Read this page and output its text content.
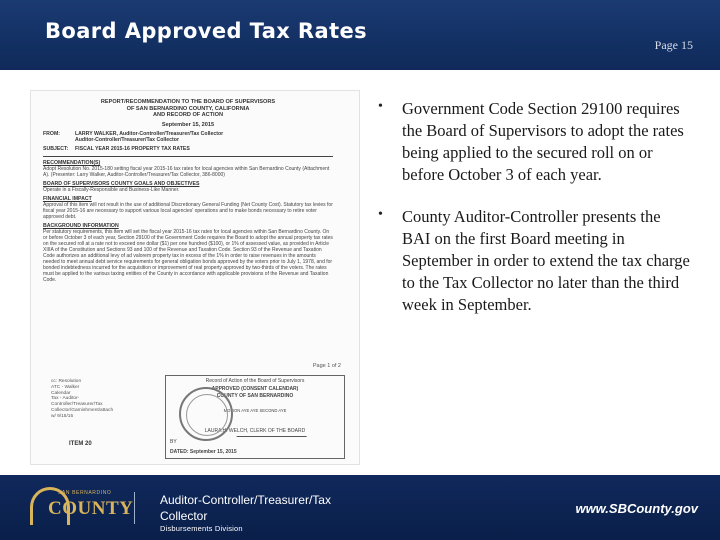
Board Approved Tax Rates
Page 15
REPORT/RECOMMENDATION TO THE BOARD OF SUPERVISORS
OF SAN BERNARDINO COUNTY, CALIFORNIA
AND RECORD OF ACTION
September 15, 2015
FROM:	LARRY WALKER, Auditor-Controller/Treasurer/Tax Collector
Auditor-Controller/Treasurer/Tax Collector
SUBJECT:	FISCAL YEAR 2015-16 PROPERTY TAX RATES
RECOMMENDATION(S)
Adopt Resolution No. 2015-180 setting fiscal year 2015-16 tax rates for local agencies within San Bernardino County (Attachment A). (Presenter: Larry Walker, Auditor-Controller/Treasurer/Tax Collector, 386-8000)
BOARD OF SUPERVISORS COUNTY GOALS AND OBJECTIVES
Operate in a Fiscally-Responsible and Business-Like Manner.
FINANCIAL IMPACT
Approval of this item will not result in the use of additional Discretionary General Funding (Net County Cost). Statutory tax levies for fiscal year 2015-16 are necessary to support various local agencies' operations and to make bonds necessary to retire voter approved debt.
BACKGROUND INFORMATION
Per statutory requirements, this item will set the fiscal year 2015-16 tax rates for local agencies within San Bernardino County. On or before October 3 of each year, Section 29100 of the Government Code requires the Board to adopt the annual property tax rates on the secured roll at a rate not to exceed one dollar ($1) per one hundred ($100), or 1% of assessed value, as provided in Article XIIIA of the Constitution and Sections 93 and 100 of the Revenue and Taxation Code. Section 93 of the Revenue and Taxation Code authorizes an additional levy of ad valorem property tax in excess of the 1% in order to raise revenues in the amounts needed to meet annual debt service requirements for general obligation bonds approved by the voters prior to July 1, 1978, and for bonded indebtedness incurred for the acquisition or improvement of real property approved by two-thirds of the voters. The rates must be applied to the various taxing entities of the County in accordance with applicable provisions of the Revenue and Taxation Code.
Page 1 of 2
cc: Resolution
ATC - Walker
Calendar
Tax - Auditor-Controller/Treasurer/Tax
Collector/Garnishment/attach
w/ 9/15/15
ITEM 20
Record of Action of the Board of Supervisors
APPROVED (CONSENT CALENDAR)
COUNTY OF SAN BERNARDINO
MOTION AYE AYE SECOND AYE
LAURA H. WELCH, CLERK OF THE BOARD
BY
DATED: September 15, 2015
• Government Code Section 29100 requires the Board of Supervisors to adopt the rates being applied to the secured roll on or before October 3 of each year.
• County Auditor-Controller presents the BAI on the first Board meeting in September in order to extend the tax charge to the Tax Collector no later than the third week in September.
SAN BERNARDINO
COUNTY Auditor-Controller/Treasurer/Tax
Collector
Disbursements Division
www.SBCounty.gov
